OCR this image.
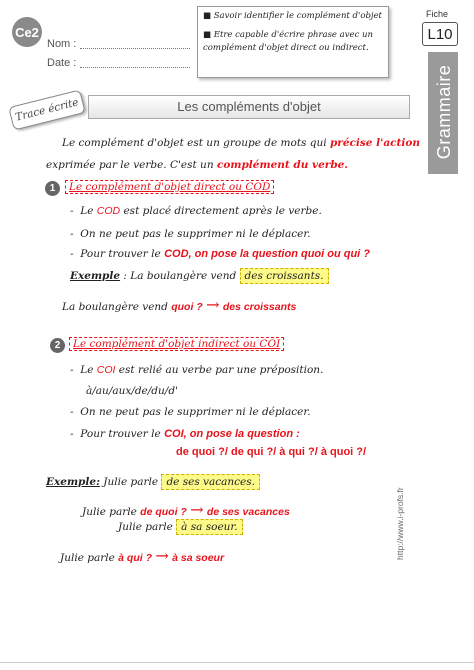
Ce2
Nom :
Date :
■ Savoir identifier le complément d'objet
■ Etre capable d'écrire phrase avec un complément d'objet direct ou indirect.
Fiche
L10
Grammaire
Les compléments d'objet
Trace écrite
Le complément d'objet est un groupe de mots qui précise l'action
exprimée par le verbe. C'est un complément du verbe.
1	Le complément d'objet direct ou COD
- Le COD est placé directement après le verbe.
- On ne peut pas le supprimer ni le déplacer.
- Pour trouver le COD, on pose la question quoi ou qui ?
Exemple : La boulangère vend des croissants.
La boulangère vend quoi ? → des croissants
2	Le complément d'objet indirect ou COI
- Le COI est relié au verbe par une préposition.
à/au/aux/de/du/d'
- On ne peut pas le supprimer ni le déplacer.
- Pour trouver le COI, on pose la question :
de quoi ?/ de qui ?/ à qui ?/ à quoi ?/
Exemple: Julie parle de ses vacances.
Julie parle de quoi ? → de ses vacances
Julie parle à sa soeur.
Julie parle à qui ? → à sa soeur	http://www.i-profs.fr
